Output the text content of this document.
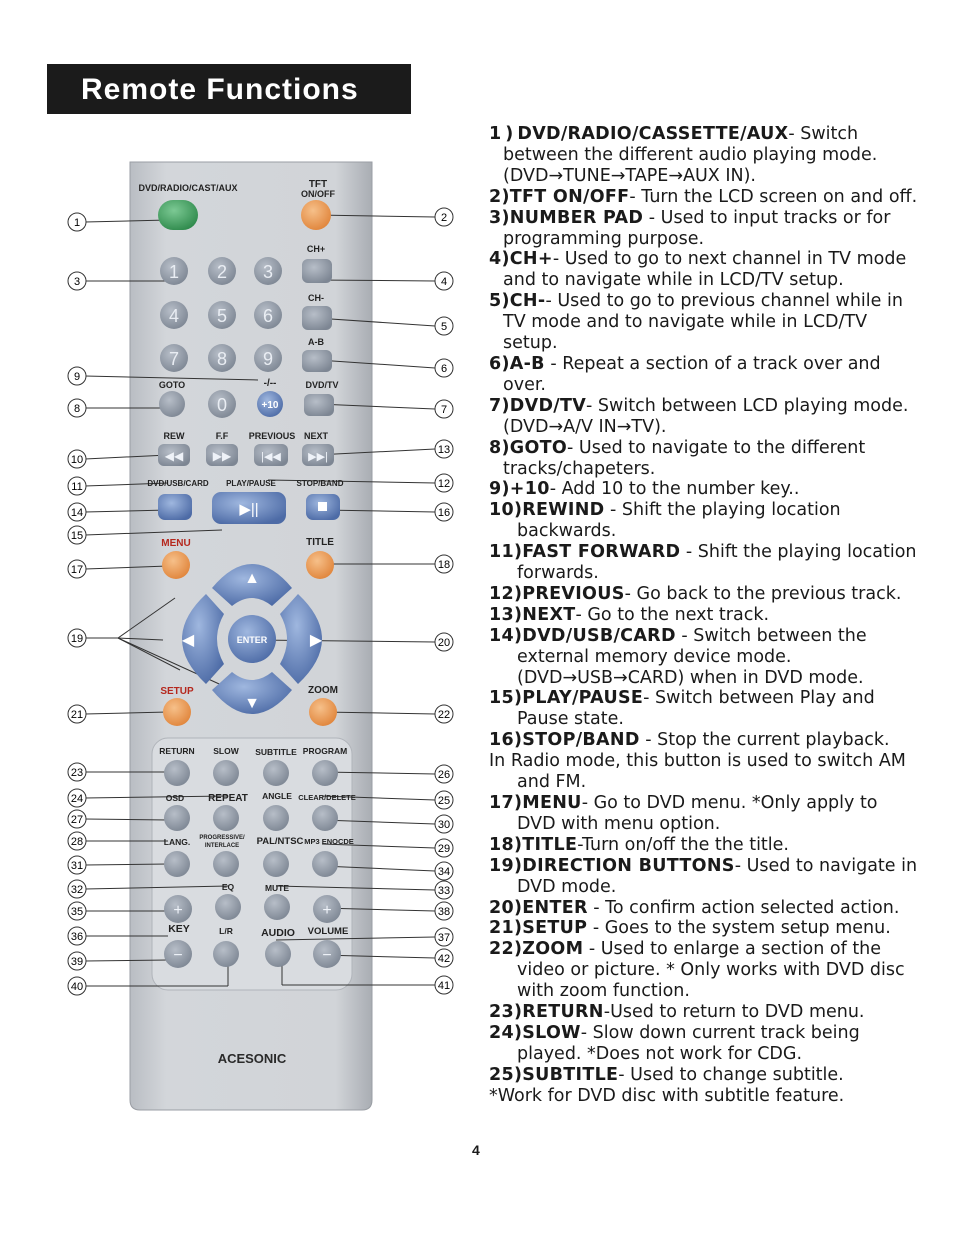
Remote Functions
1
3
9
8
10
11
14
15
17
19
21
23
24
27
28
31
32
35
36
39
40
2
4
5
6
7
13
12
16
18
20
22
26
25
30
29
34
33
38
37
42
41
DVD/RADIO/CAST/AUX	TFT
ON/OFF
1 2 3
4 5 6
7 8 9
0
CH+
CH-
A-B
DVD/TV
GOTO	-/--
+10
REW	F.F PREVIOUS NEXT
◀◀ ▶▶	|◀◀ ▶▶|
DVD/USB/CARD PLAY/PAUSE	STOP/BAND
▶||
MENU	TITLE
▲
▼
◀	▶
ENTER
SETUP	ZOOM
RETURN SLOW SUBTITLE PROGRAM
OSD REPEAT ANGLE CLEAR/DELETE
LANG. PROGRESSIVE/
INTERLACE PAL/NTSC MP3 ENOCDE
EQ	MUTE
KEY	L/R	AUDIO VOLUME
+	+
−	−
ACESONIC

1 ) DVD/RADIO/CASSETTE/AUX- Switch between the different audio playing mode. (DVD→TUNE→TAPE→AUX IN).

2)TFT ON/OFF- Turn the LCD screen on and off.

3)NUMBER PAD - Used to input tracks or for programming purpose.

4)CH+- Used to go to next channel in TV mode and to navigate while in LCD/TV setup.

5)CH-- Used to go to previous channel while in TV mode and to navigate while in LCD/TV setup.

6)A-B - Repeat a section of a track over and over.

7)DVD/TV- Switch between LCD playing mode. (DVD→A/V IN→TV).

8)GOTO- Used to navigate to the different tracks/chapeters.

9)+10- Add 10 to the number key..

10)REWIND - Shift the playing location backwards.

11)FAST FORWARD - Shift the playing location forwards.

12)PREVIOUS- Go back to the previous track.

13)NEXT- Go to the next track.

14)DVD/USB/CARD - Switch between the external memory device mode. (DVD→USB→CARD) when in DVD mode.

15)PLAY/PAUSE- Switch between Play and Pause state.

16)STOP/BAND - Stop the current playback.

In Radio mode, this button is used to switch AM and FM.

17)MENU- Go to DVD menu. *Only apply to DVD with menu option.

18)TITLE-Turn on/off the the title.

19)DIRECTION BUTTONS- Used to navigate in DVD mode.

20)ENTER - To confirm action selected action.

21)SETUP - Goes to the system setup menu.

22)ZOOM - Used to enlarge a section of the video or picture. * Only works with DVD disc with zoom function.

23)RETURN-Used to return to DVD menu.

24)SLOW- Slow down current track being played. *Does not work for CDG.

25)SUBTITLE- Used to change subtitle.

*Work for DVD disc with subtitle feature.

4
